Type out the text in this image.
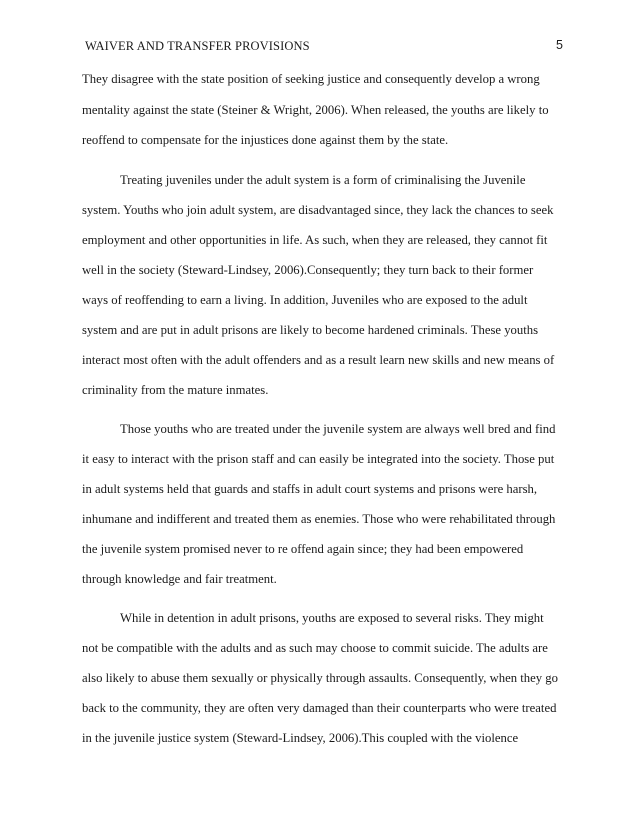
WAIVER AND TRANSFER PROVISIONS	5
They disagree with the state position of seeking justice and consequently develop a wrong
mentality against the state (Steiner & Wright, 2006). When released, the youths are likely to
reoffend to compensate for the injustices done against them by the state.
Treating juveniles under the adult system is a form of criminalising the Juvenile
system. Youths who join adult system, are disadvantaged since, they lack the chances to seek
employment and other opportunities in life. As such, when they are released, they cannot fit
well in the society (Steward-Lindsey, 2006).Consequently; they turn back to their former
ways of reoffending to earn a living. In addition, Juveniles who are exposed to the adult
system and are put in adult prisons are likely to become hardened criminals. These youths
interact most often with the adult offenders and as a result learn new skills and new means of
criminality from the mature inmates.
Those youths who are treated under the juvenile system are always well bred and find
it easy to interact with the prison staff and can easily be integrated into the society. Those put
in adult systems held that guards and staffs in adult court systems and prisons were harsh,
inhumane and indifferent and treated them as enemies. Those who were rehabilitated through
the juvenile system promised never to re offend again since; they had been empowered
through knowledge and fair treatment.
While in detention in adult prisons, youths are exposed to several risks. They might
not be compatible with the adults and as such may choose to commit suicide. The adults are
also likely to abuse them sexually or physically through assaults. Consequently, when they go
back to the community, they are often very damaged than their counterparts who were treated
in the juvenile justice system (Steward-Lindsey, 2006).This coupled with the violence
